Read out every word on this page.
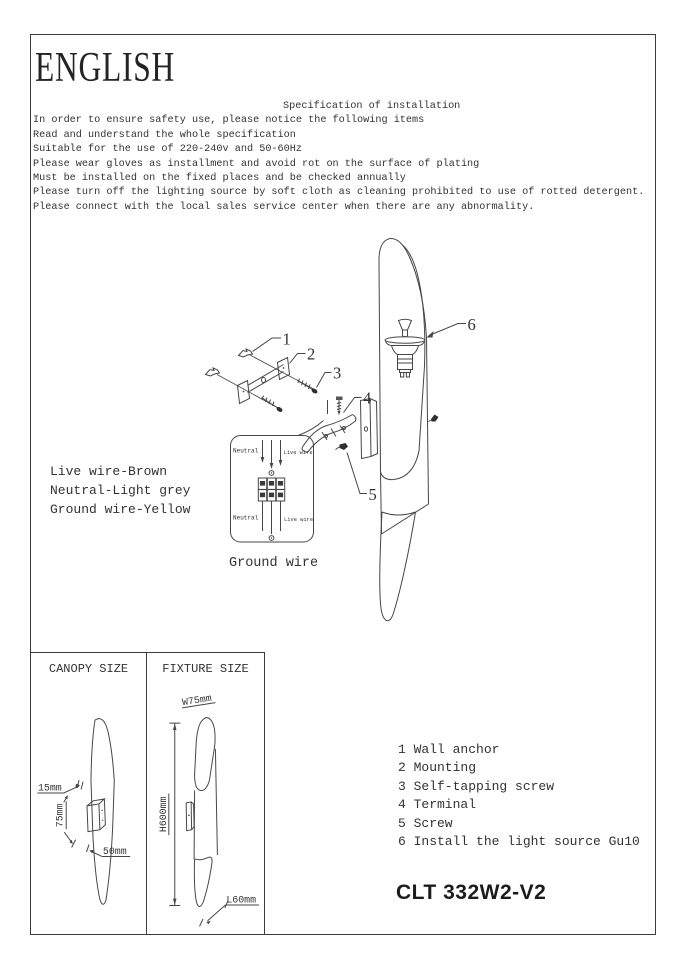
ENGLISH
Specification of installation
In order to ensure safety use, please notice the following items
Read and understand the whole specification
Suitable for the use of 220-240v and 50-60Hz
Please wear gloves as installment and avoid rot on the surface of plating
Must be installed on the fixed places and be checked annually
Please turn off the lighting source by soft cloth as cleaning prohibited to use of rotted detergent.
Please connect with the local sales service center when there are any abnormality.
1
2
3
4
5
6
Neutral	Live wire
Neutral	Live wire
Live wire-Brown
Neutral-Light grey
Ground wire-Yellow
Ground wire
CANOPY SIZE
15mm
75mm
50mm
FIXTURE SIZE
W75mm
H600mm
L60mm
1 Wall anchor
2 Mounting
3 Self-tapping screw
4 Terminal
5 Screw
6 Install the light source Gu10
CLT 332W2-V2
